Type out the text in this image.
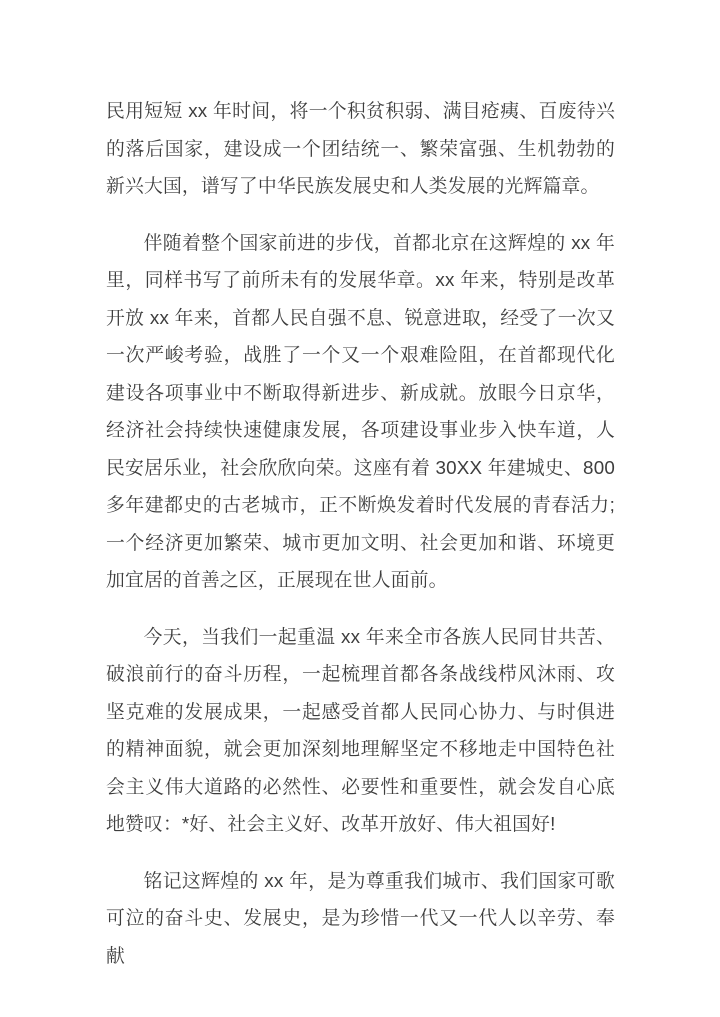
民用短短 xx 年时间，将一个积贫积弱、满目疮痍、百废待兴的落后国家，建设成一个团结统一、繁荣富强、生机勃勃的新兴大国，谱写了中华民族发展史和人类发展的光辉篇章。

伴随着整个国家前进的步伐，首都北京在这辉煌的 xx 年里，同样书写了前所未有的发展华章。xx 年来，特别是改革开放 xx 年来，首都人民自强不息、锐意进取，经受了一次又一次严峻考验，战胜了一个又一个艰难险阻，在首都现代化建设各项事业中不断取得新进步、新成就。放眼今日京华，经济社会持续快速健康发展，各项建设事业步入快车道，人民安居乐业，社会欣欣向荣。这座有着 30XX 年建城史、800 多年建都史的古老城市，正不断焕发着时代发展的青春活力;一个经济更加繁荣、城市更加文明、社会更加和谐、环境更加宜居的首善之区，正展现在世人面前。

今天，当我们一起重温 xx 年来全市各族人民同甘共苦、破浪前行的奋斗历程，一起梳理首都各条战线栉风沐雨、攻坚克难的发展成果，一起感受首都人民同心协力、与时俱进的精神面貌，就会更加深刻地理解坚定不移地走中国特色社会主义伟大道路的必然性、必要性和重要性，就会发自心底地赞叹：*好、社会主义好、改革开放好、伟大祖国好!

铭记这辉煌的 xx 年，是为尊重我们城市、我们国家可歌可泣的奋斗史、发展史，是为珍惜一代又一代人以辛劳、奉献
